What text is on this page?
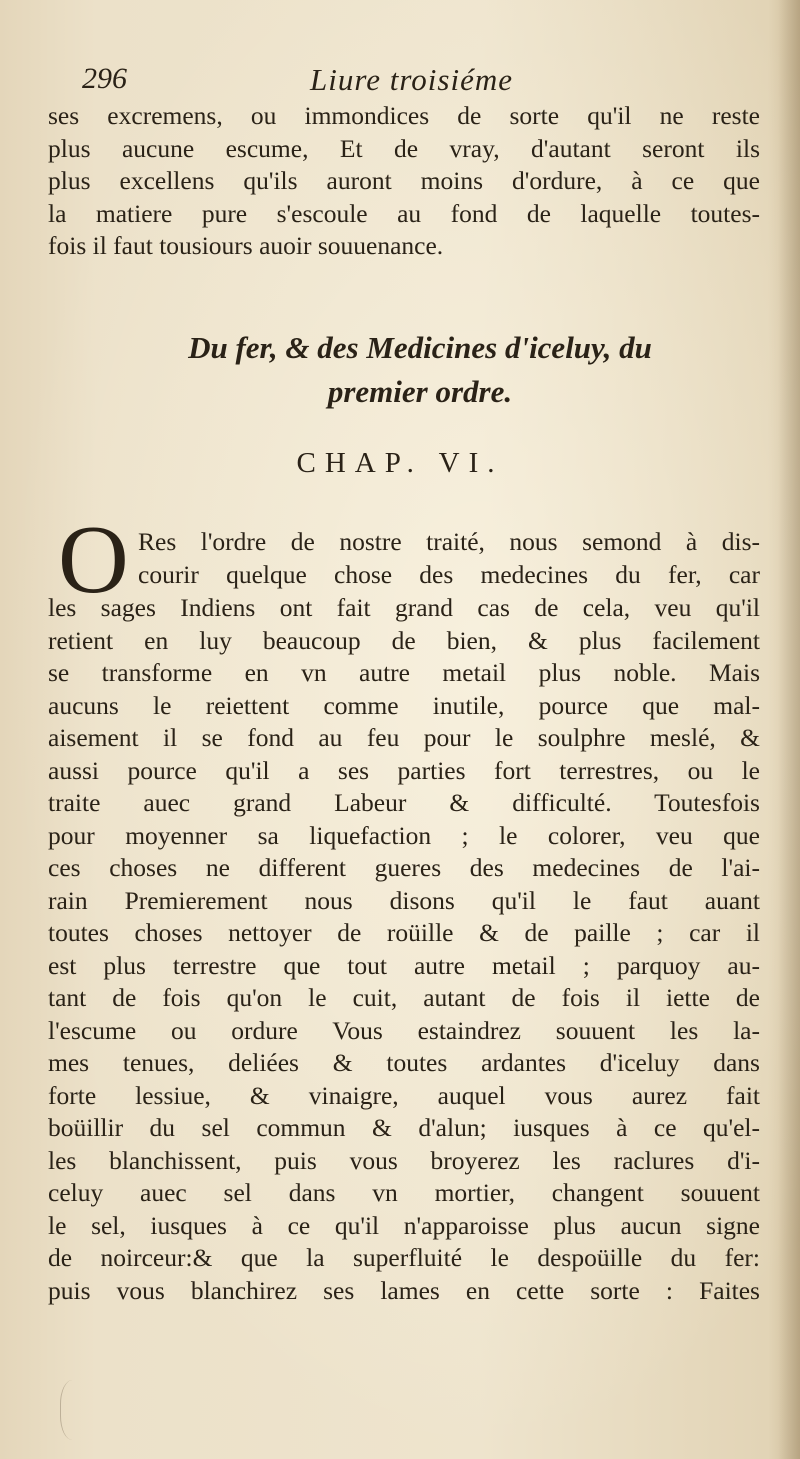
296	Liure troisiéme
ses excremens, ou immondices de sorte qu'il ne reste
plus aucune escume, Et de vray, d'autant seront ils
plus excellens qu'ils auront moins d'ordure, à ce que
la matiere pure s'escoule au fond de laquelle toutes-
fois il faut tousiours auoir souuenance.
Du fer, & des Medicines d'iceluy, du
premier ordre.
CHAP. VI.
O Res l'ordre de nostre traité, nous semond à dis-
courir quelque chose des medecines du fer, car
les sages Indiens ont fait grand cas de cela, veu qu'il
retient en luy beaucoup de bien, & plus facilement
se transforme en vn autre metail plus noble. Mais
aucuns le reiettent comme inutile, pource que mal-
aisement il se fond au feu pour le soulphre meslé, &
aussi pource qu'il a ses parties fort terrestres, ou le
traite auec grand Labeur & difficulté. Toutesfois
pour moyenner sa liquefaction ; le colorer, veu que
ces choses ne different gueres des medecines de l'ai-
rain Premierement nous disons qu'il le faut auant
toutes choses nettoyer de roüille & de paille ; car il
est plus terrestre que tout autre metail ; parquoy au-
tant de fois qu'on le cuit, autant de fois il iette de
l'escume ou ordure Vous estaindrez souuent les la-
mes tenues, deliées & toutes ardantes d'iceluy dans
forte lessiue, & vinaigre, auquel vous aurez fait
boüillir du sel commun & d'alun; iusques à ce qu'el-
les blanchissent, puis vous broyerez les raclures d'i-
celuy auec sel dans vn mortier, changent souuent
le sel, iusques à ce qu'il n'apparoisse plus aucun signe
de noirceur:& que la superfluité le despoüille du fer:
puis vous blanchirez ses lames en cette sorte : Faites
